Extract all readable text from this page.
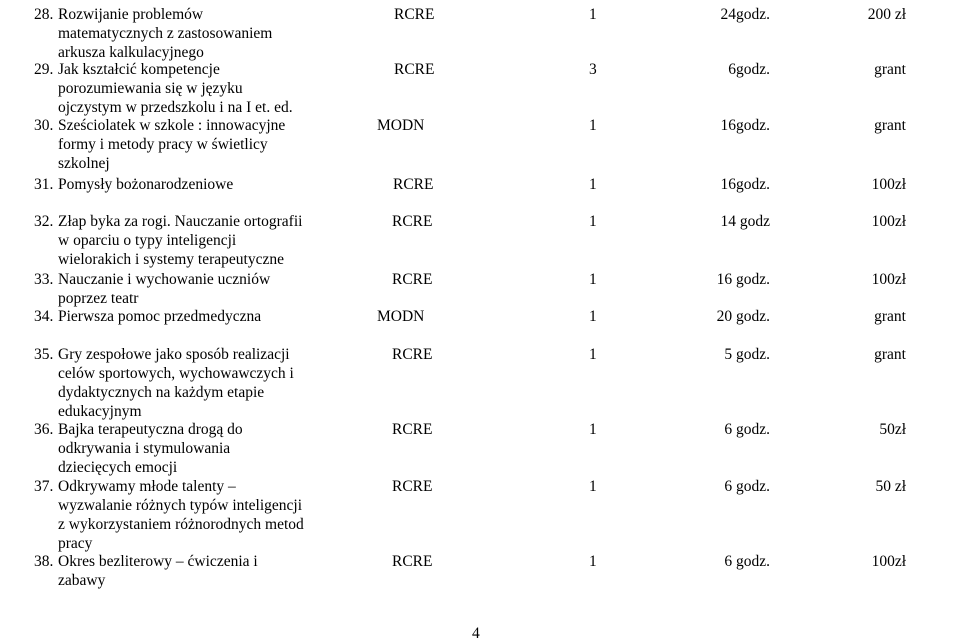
28. Rozwijanie problemów
matematycznych z zastosowaniem
arkusza kalkulacyjnego
RCRE	1	24godz.	200 zł
29. Jak kształcić kompetencje
porozumiewania się w języku
ojczystym w przedszkolu i na I et. ed.
RCRE	3	6godz.	grant
30. Sześciolatek w szkole : innowacyjne
formy i metody pracy w świetlicy
szkolnej
MODN	1	16godz.	grant
31. Pomysły bożonarodzeniowe	RCRE	1	16godz.	100zł
32. Złap byka za rogi. Nauczanie ortografii
w oparciu o typy inteligencji
wielorakich i systemy terapeutyczne
RCRE	1	14 godz	100zł
33. Nauczanie i wychowanie uczniów
poprzez teatr
RCRE	1	16 godz.	100zł
34. Pierwsza pomoc przedmedyczna	MODN	1	20 godz.	grant
35. Gry zespołowe jako sposób realizacji
celów sportowych, wychowawczych i
dydaktycznych na każdym etapie
edukacyjnym
RCRE	1	5 godz.	grant
36. Bajka terapeutyczna drogą do
odkrywania i stymulowania
dziecięcych emocji
RCRE	1	6 godz.	50zł
37. Odkrywamy młode talenty –
wyzwalanie różnych typów inteligencji
z wykorzystaniem różnorodnych metod
pracy
RCRE	1	6 godz.	50 zł
38. Okres bezliterowy – ćwiczenia i
zabawy
RCRE	1	6 godz.	100zł
4
